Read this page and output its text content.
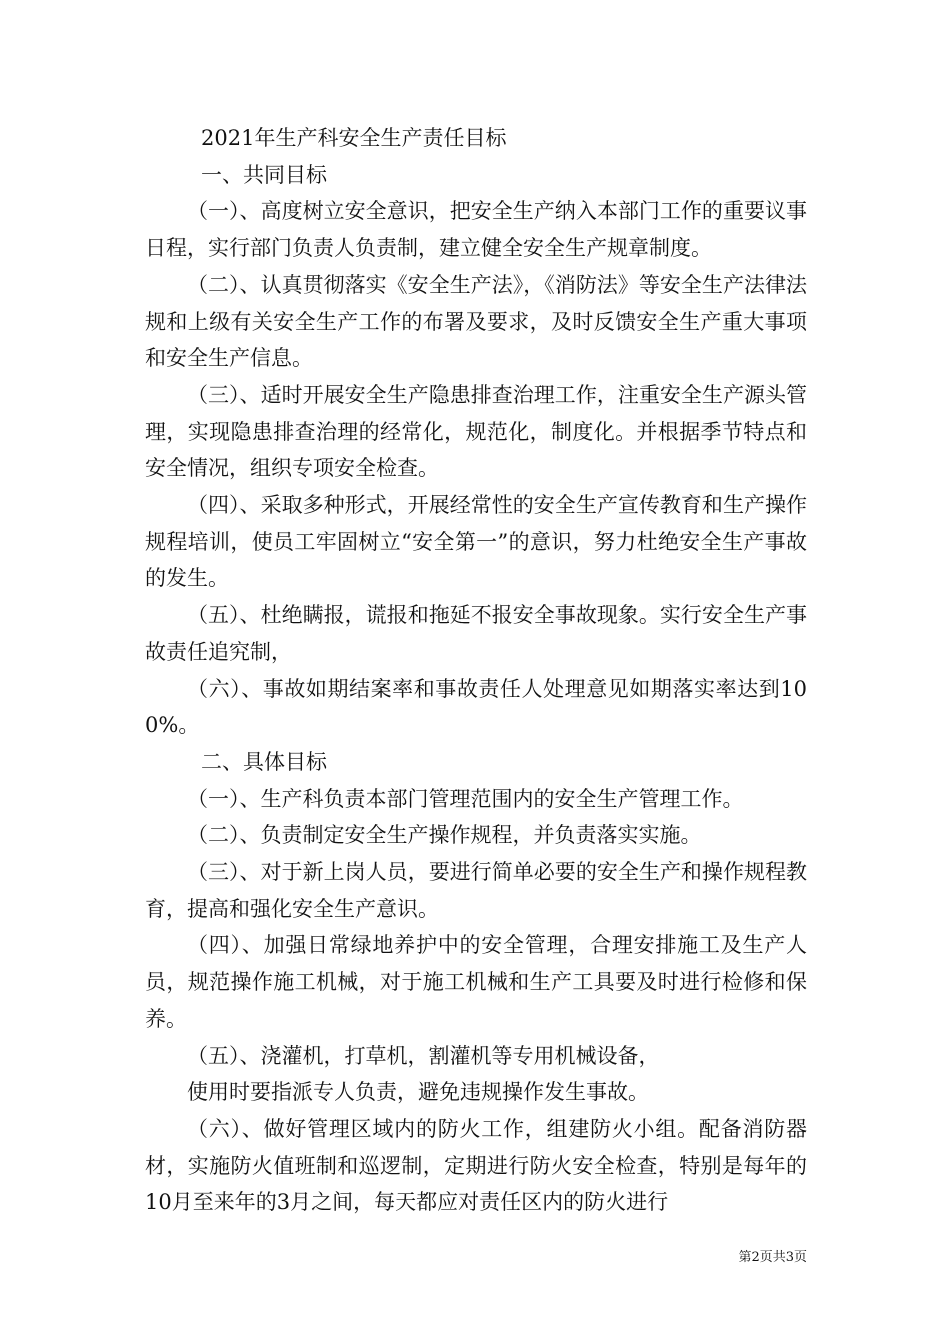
2021年生产科安全生产责任目标

一、共同目标

（一）、高度树立安全意识，把安全生产纳入本部门工作的重要议事日程，实行部门负责人负责制，建立健全安全生产规章制度。

（二）、认真贯彻落实《安全生产法》，《消防法》等安全生产法律法规和上级有关安全生产工作的布署及要求，及时反馈安全生产重大事项和安全生产信息。

（三）、适时开展安全生产隐患排查治理工作，注重安全生产源头管理，实现隐患排查治理的经常化，规范化，制度化。并根据季节特点和安全情况，组织专项安全检查。

（四）、采取多种形式，开展经常性的安全生产宣传教育和生产操作规程培训，使员工牢固树立“安全第一”的意识，努力杜绝安全生产事故的发生。

（五）、杜绝瞒报，谎报和拖延不报安全事故现象。实行安全生产事故责任追究制，

（六）、事故如期结案率和事故责任人处理意见如期落实率达到100%。

二、具体目标

（一）、生产科负责本部门管理范围内的安全生产管理工作。

（二）、负责制定安全生产操作规程，并负责落实实施。

（三）、对于新上岗人员，要进行简单必要的安全生产和操作规程教育，提高和强化安全生产意识。

（四）、加强日常绿地养护中的安全管理，合理安排施工及生产人员，规范操作施工机械，对于施工机械和生产工具要及时进行检修和保养。

（五）、浇灌机，打草机，割灌机等专用机械设备，

使用时要指派专人负责，避免违规操作发生事故。

（六）、做好管理区域内的防火工作，组建防火小组。配备消防器材，实施防火值班制和巡逻制，定期进行防火安全检查，特别是每年的10月至来年的3月之间，每天都应对责任区内的防火进行

第2页共3页
